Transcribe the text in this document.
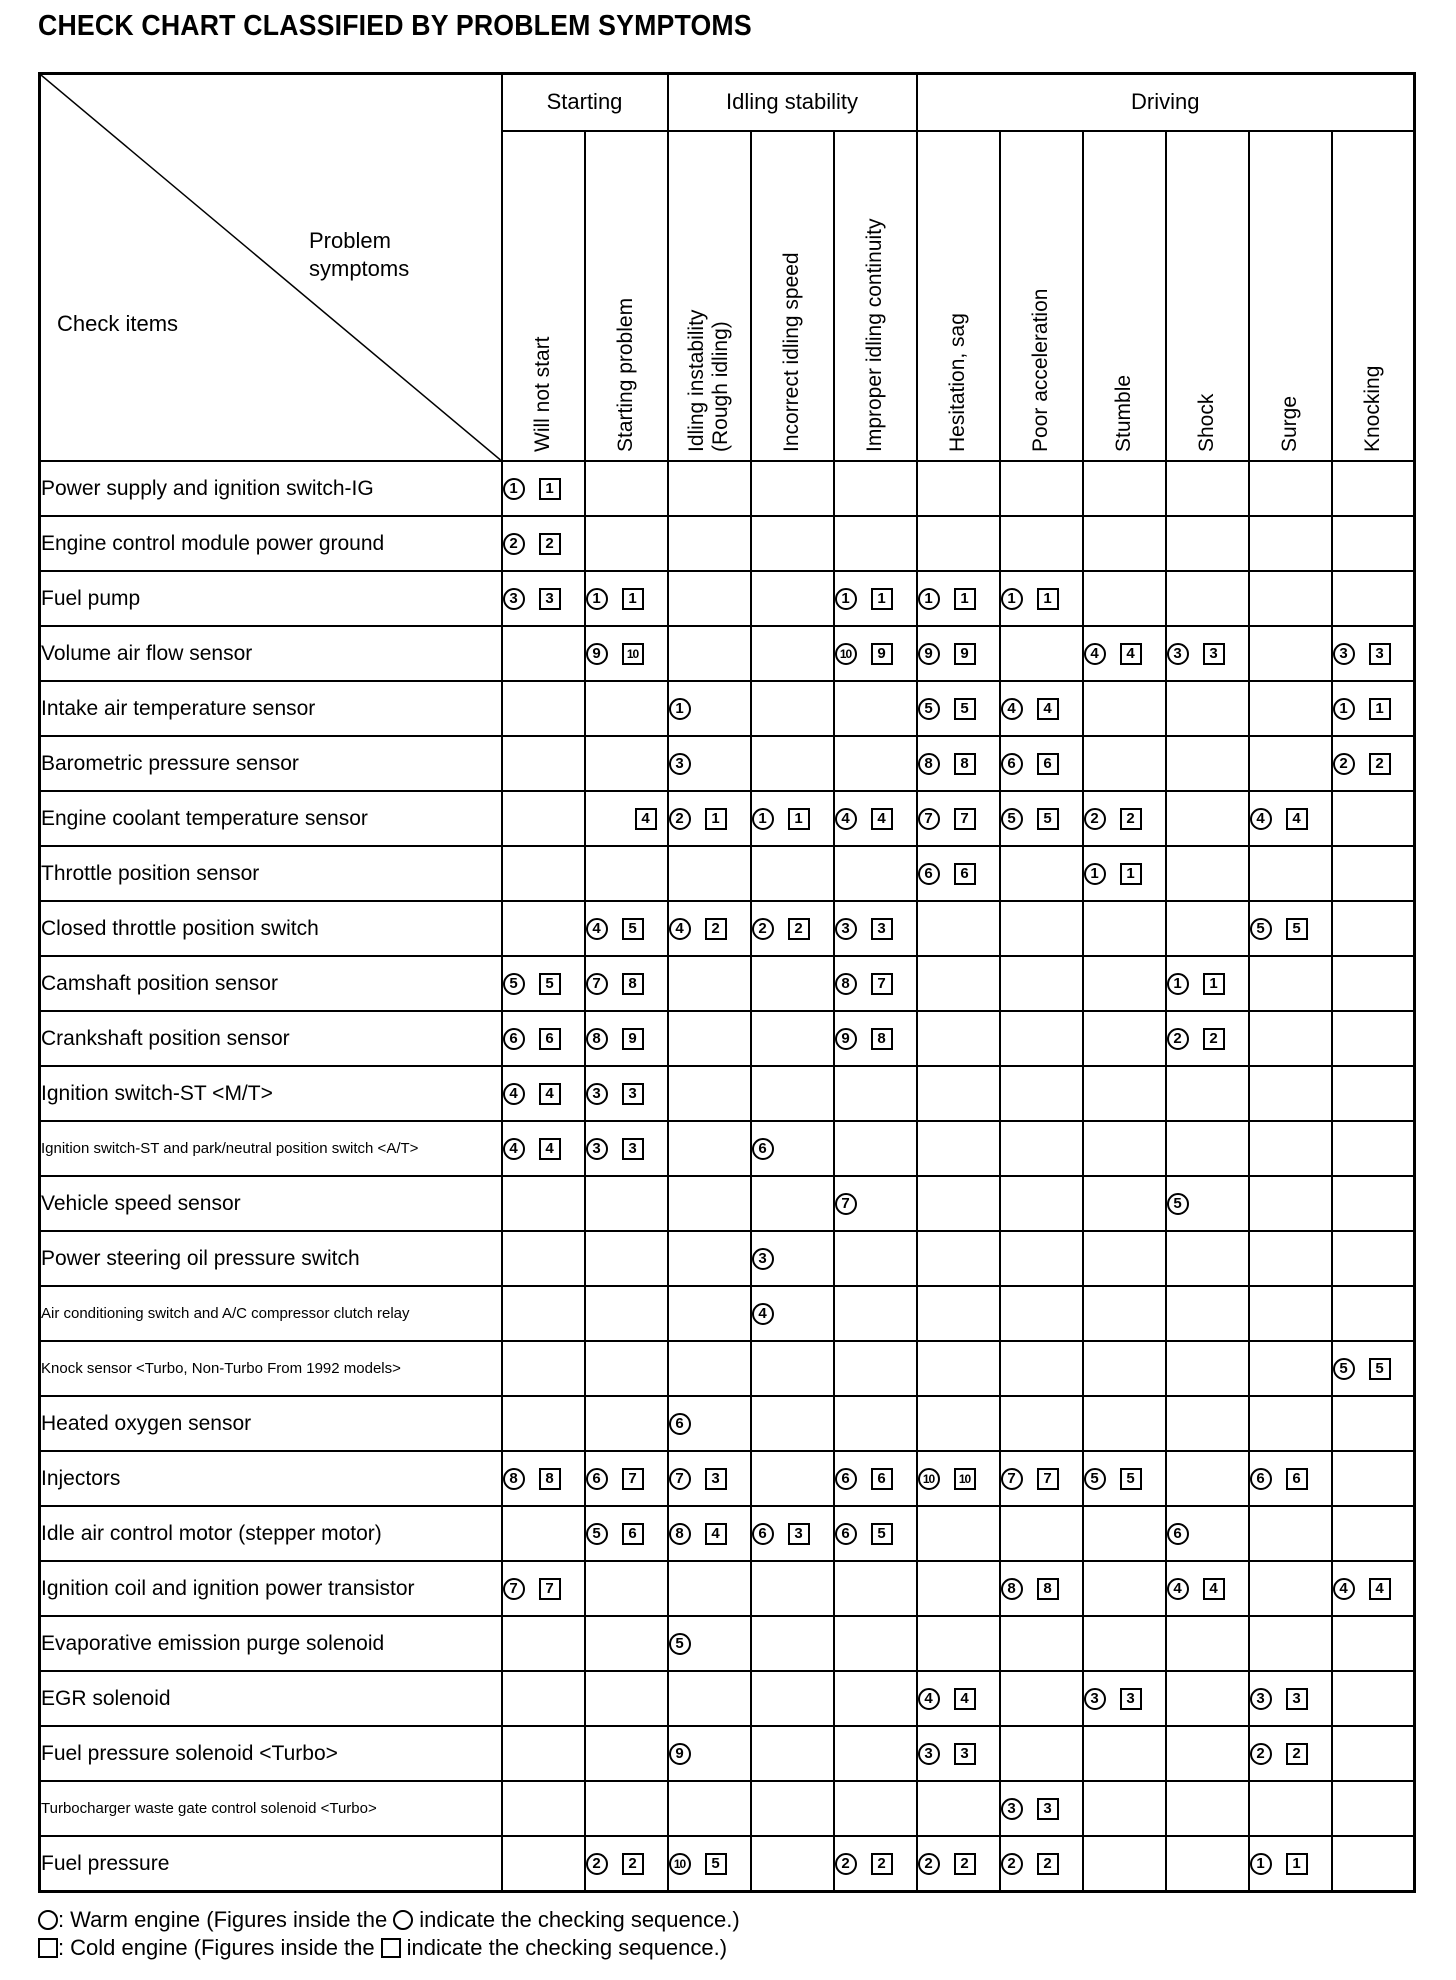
CHECK CHART CLASSIFIED BY PROBLEM SYMPTOMS
Problem
symptoms
Check items	Starting		Idling stability			Driving					

	Will not start	Starting problem	Idling instability (Rough idling)	Incorrect idling speed	Improper idling continuity	Hesitation, sag	Poor acceleration	Stumble	Shock	Surge	Knocking

Power supply and ignition switch-IG	1 1										
Engine control module power ground	2 2										
Fuel pump	3 3	1 1			1 1	1 1	1 1				
Volume air flow sensor		9 10			10 9	9 9		4 4	3 3		3 3
Intake air temperature sensor			1			5 5	4 4				1 1
Barometric pressure sensor			3			8 8	6 6				2 2
Engine coolant temperature sensor		4	2 1	1 1	4 4	7 7	5 5	2 2		4 4	
Throttle position sensor						6 6		1 1			
Closed throttle position switch		4 5	4 2	2 2	3 3					5 5	
Camshaft position sensor	5 5	7 8			8 7				1 1		
Crankshaft position sensor	6 6	8 9			9 8				2 2		
Ignition switch-ST <M/T>	4 4	3 3									
Ignition switch-ST and park/neutral position switch <A/T>	4 4	3 3		6							
Vehicle speed sensor					7				5		
Power steering oil pressure switch				3							
Air conditioning switch and A/C compressor clutch relay				4							
Knock sensor <Turbo, Non-Turbo From 1992 models>											5 5
Heated oxygen sensor			6								
Injectors	8 8	6 7	7 3		6 6	10 10	7 7	5 5		6 6	
Idle air control motor (stepper motor)		5 6	8 4	6 3	6 5				6		
Ignition coil and ignition power transistor	7 7						8 8		4 4		4 4
Evaporative emission purge solenoid			5								
EGR solenoid						4 4		3 3		3 3	
Fuel pressure solenoid <Turbo>			9			3 3				2 2	
Turbocharger waste gate control solenoid <Turbo>							3 3				
Fuel pressure		2 2	10 5		2 2	2 2	2 2			1 1	
: Warm engine (Figures inside the indicate the checking sequence.)
: Cold engine (Figures inside the indicate the checking sequence.)
